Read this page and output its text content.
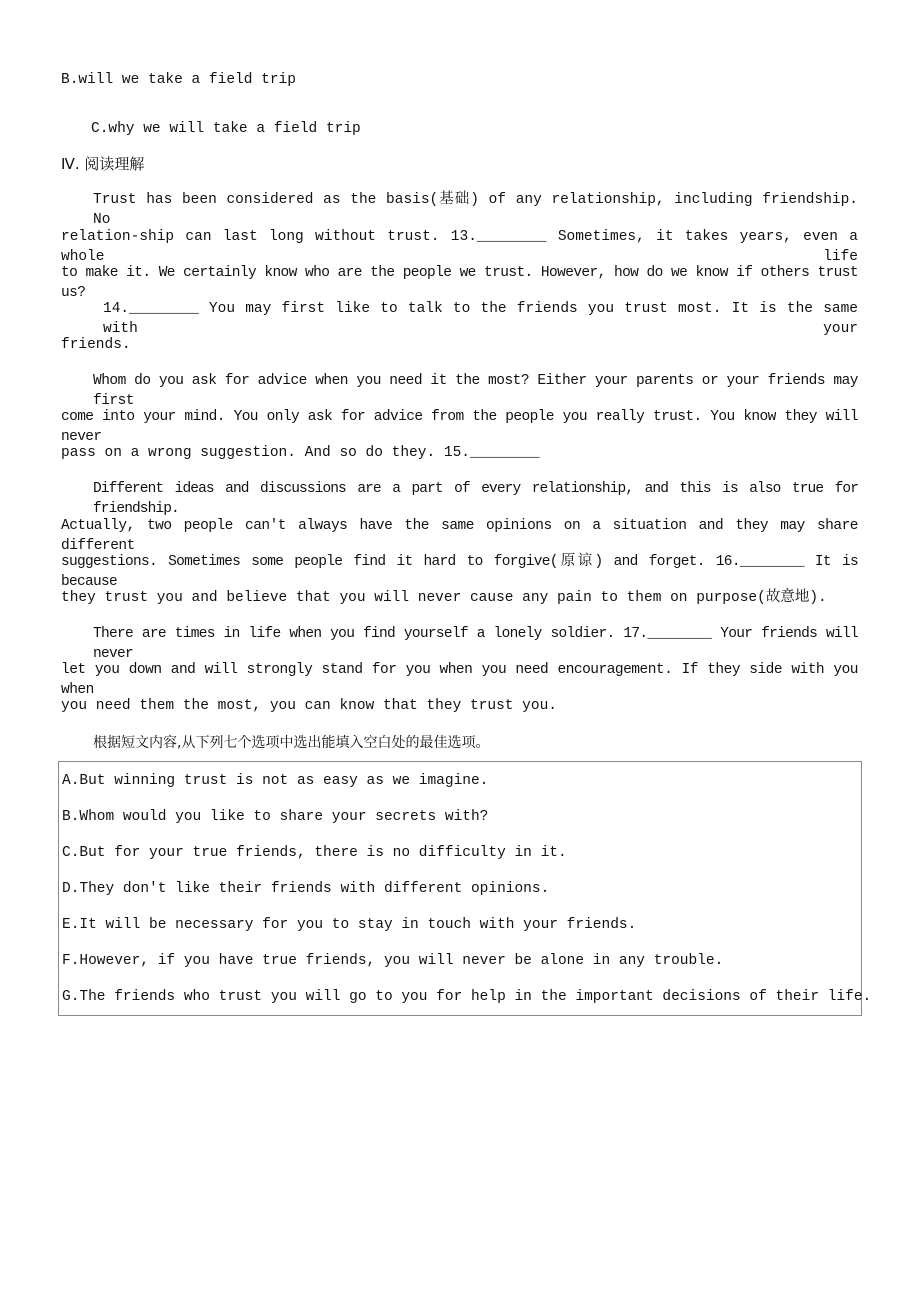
B.will we take a field trip
C.why we will take a field trip
Ⅳ. 阅读理解
Trust has been considered as the basis(基础) of any relationship, including friendship. No
relation-ship can last long without trust. 13.________ Sometimes, it takes years, even a whole life
to make it. We certainly know who are the people we trust. However, how do we know if others trust us?
14.________ You may first like to talk to the friends you trust most. It is the same with your
friends.
Whom do you ask for advice when you need it the most? Either your parents or your friends may first
come into your mind. You only ask for advice from the people you really trust. You know they will never
pass on a wrong suggestion. And so do they. 15.________
Different ideas and discussions are a part of every relationship, and this is also true for friendship.
Actually, two people can't always have the same opinions on a situation and they may share different
suggestions. Sometimes some people find it hard to forgive(原谅) and forget. 16.________ It is because
they trust you and believe that you will never cause any pain to them on purpose(故意地).
There are times in life when you find yourself a lonely soldier. 17.________ Your friends will never
let you down and will strongly stand for you when you need encouragement. If they side with you when
you need them the most, you can know that they trust you.
根据短文内容,从下列七个选项中选出能填入空白处的最佳选项。
A.But winning trust is not as easy as we imagine.
B.Whom would you like to share your secrets with?
C.But for your true friends, there is no difficulty in it.
D.They don't like their friends with different opinions.
E.It will be necessary for you to stay in touch with your friends.
F.However, if you have true friends, you will never be alone in any trouble.
G.The friends who trust you will go to you for help in the important decisions of their life.
